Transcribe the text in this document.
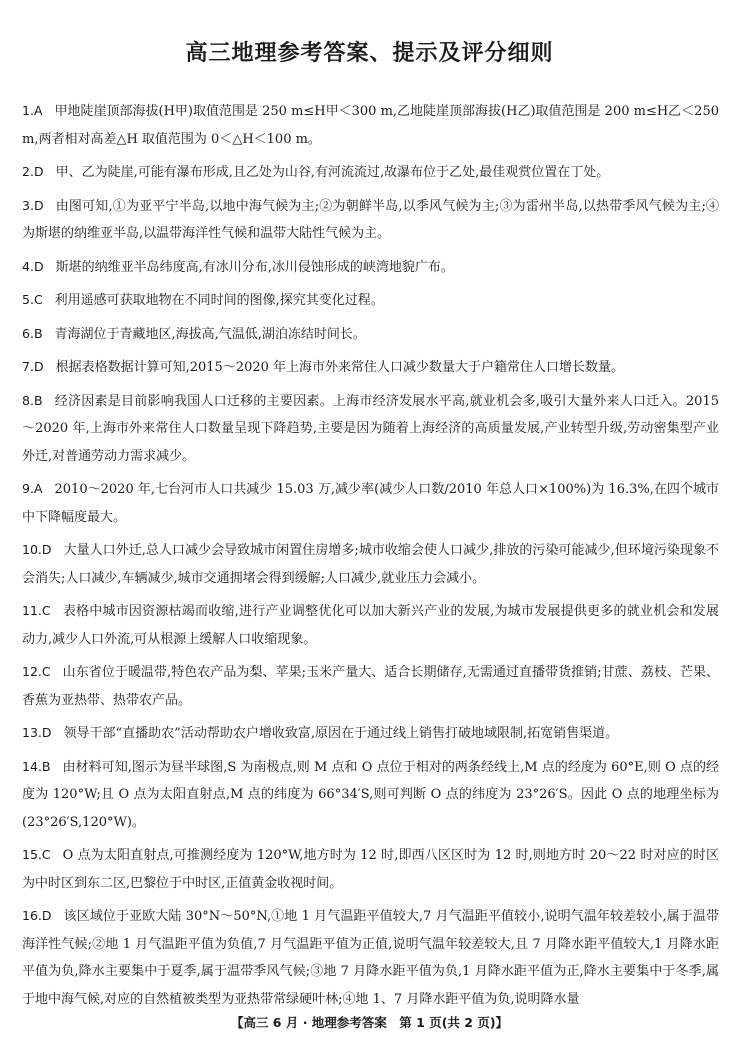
高三地理参考答案、提示及评分细则

1.A 甲地陡崖顶部海拔(H甲)取值范围是 250 m≤H甲＜300 m,乙地陡崖顶部海拔(H乙)取值范围是 200 m≤H乙＜250 m,两者相对高差△H 取值范围为 0＜△H＜100 m。

2.D 甲、乙为陡崖,可能有瀑布形成,且乙处为山谷,有河流流过,故瀑布位于乙处,最佳观赏位置在丁处。

3.D 由图可知,①为亚平宁半岛,以地中海气候为主;②为朝鲜半岛,以季风气候为主;③为雷州半岛,以热带季风气候为主;④为斯堪的纳维亚半岛,以温带海洋性气候和温带大陆性气候为主。

4.D 斯堪的纳维亚半岛纬度高,有冰川分布,冰川侵蚀形成的峡湾地貌广布。

5.C 利用遥感可获取地物在不同时间的图像,探究其变化过程。

6.B 青海湖位于青藏地区,海拔高,气温低,湖泊冻结时间长。

7.D 根据表格数据计算可知,2015～2020 年上海市外来常住人口减少数量大于户籍常住人口增长数量。

8.B 经济因素是目前影响我国人口迁移的主要因素。上海市经济发展水平高,就业机会多,吸引大量外来人口迁入。2015～2020 年,上海市外来常住人口数量呈现下降趋势,主要是因为随着上海经济的高质量发展,产业转型升级,劳动密集型产业外迁,对普通劳动力需求减少。

9.A 2010～2020 年,七台河市人口共减少 15.03 万,减少率(减少人口数/2010 年总人口×100%)为 16.3%,在四个城市中下降幅度最大。

10.D 大量人口外迁,总人口减少会导致城市闲置住房增多;城市收缩会使人口减少,排放的污染可能减少,但环境污染现象不会消失;人口减少,车辆减少,城市交通拥堵会得到缓解;人口减少,就业压力会减小。

11.C 表格中城市因资源枯竭而收缩,进行产业调整优化可以加大新兴产业的发展,为城市发展提供更多的就业机会和发展动力,减少人口外流,可从根源上缓解人口收缩现象。

12.C 山东省位于暖温带,特色农产品为梨、苹果;玉米产量大、适合长期储存,无需通过直播带货推销;甘蔗、荔枝、芒果、香蕉为亚热带、热带农产品。

13.D 领导干部“直播助农”活动帮助农户增收致富,原因在于通过线上销售打破地域限制,拓宽销售渠道。

14.B 由材料可知,图示为昼半球图,S 为南极点,则 M 点和 O 点位于相对的两条经线上,M 点的经度为 60°E,则 O 点的经度为 120°W;且 O 点为太阳直射点,M 点的纬度为 66°34′S,则可判断 O 点的纬度为 23°26′S。因此 O 点的地理坐标为(23°26′S,120°W)。

15.C O 点为太阳直射点,可推测经度为 120°W,地方时为 12 时,即西八区区时为 12 时,则地方时 20～22 时对应的时区为中时区到东二区,巴黎位于中时区,正值黄金收视时间。

16.D 该区域位于亚欧大陆 30°N～50°N,①地 1 月气温距平值较大,7 月气温距平值较小,说明气温年较差较小,属于温带海洋性气候;②地 1 月气温距平值为负值,7 月气温距平值为正值,说明气温年较差较大,且 7 月降水距平值较大,1 月降水距平值为负,降水主要集中于夏季,属于温带季风气候;③地 7 月降水距平值为负,1 月降水距平值为正,降水主要集中于冬季,属于地中海气候,对应的自然植被类型为亚热带常绿硬叶林;④地 1、7 月降水距平值为负,说明降水量

【高三 6 月 · 地理参考答案　第 1 页(共 2 页)】
